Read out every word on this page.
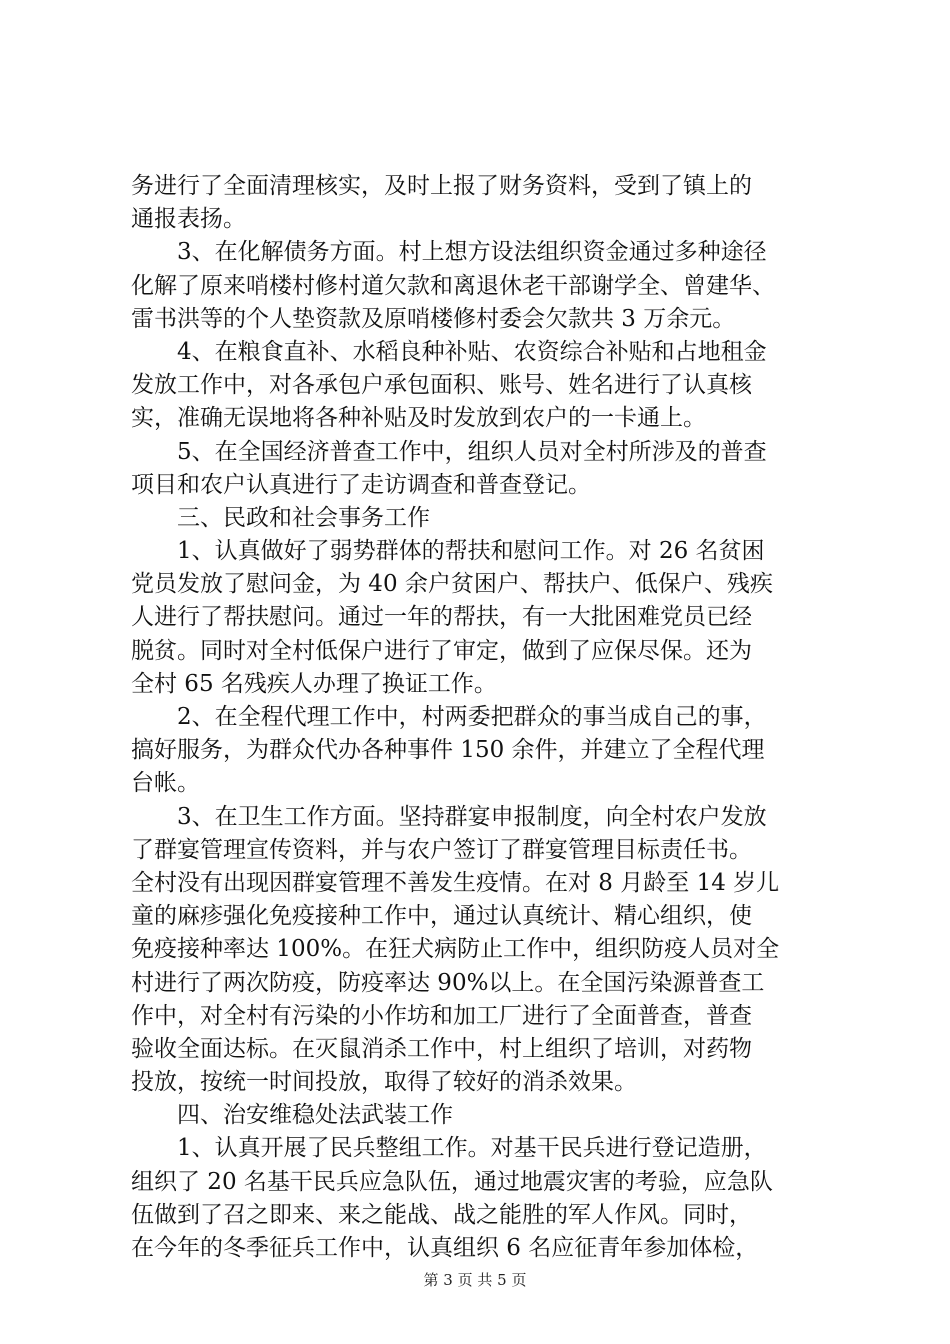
务进行了全面清理核实，及时上报了财务资料，受到了镇上的
通报表扬。
　　3、在化解债务方面。村上想方设法组织资金通过多种途径
化解了原来哨楼村修村道欠款和离退休老干部谢学全、曾建华、
雷书洪等的个人垫资款及原哨楼修村委会欠款共 3 万余元。
　　4、在粮食直补、水稻良种补贴、农资综合补贴和占地租金
发放工作中，对各承包户承包面积、账号、姓名进行了认真核
实，准确无误地将各种补贴及时发放到农户的一卡通上。
　　5、在全国经济普查工作中，组织人员对全村所涉及的普查
项目和农户认真进行了走访调查和普查登记。
　　三、民政和社会事务工作
　　1、认真做好了弱势群体的帮扶和慰问工作。对 26 名贫困
党员发放了慰问金，为 40 余户贫困户、帮扶户、低保户、残疾
人进行了帮扶慰问。通过一年的帮扶，有一大批困难党员已经
脱贫。同时对全村低保户进行了审定，做到了应保尽保。还为
全村 65 名残疾人办理了换证工作。
　　2、在全程代理工作中，村两委把群众的事当成自己的事，
搞好服务，为群众代办各种事件 150 余件，并建立了全程代理
台帐。
　　3、在卫生工作方面。坚持群宴申报制度，向全村农户发放
了群宴管理宣传资料，并与农户签订了群宴管理目标责任书。
全村没有出现因群宴管理不善发生疫情。在对 8 月龄至 14 岁儿
童的麻疹强化免疫接种工作中，通过认真统计、精心组织，使
免疫接种率达 100%。在狂犬病防止工作中，组织防疫人员对全
村进行了两次防疫，防疫率达 90%以上。在全国污染源普查工
作中，对全村有污染的小作坊和加工厂进行了全面普查，普查
验收全面达标。在灭鼠消杀工作中，村上组织了培训，对药物
投放，按统一时间投放，取得了较好的消杀效果。
　　四、治安维稳处法武装工作
　　1、认真开展了民兵整组工作。对基干民兵进行登记造册，
组织了 20 名基干民兵应急队伍，通过地震灾害的考验，应急队
伍做到了召之即来、来之能战、战之能胜的军人作风。同时，
在今年的冬季征兵工作中，认真组织 6 名应征青年参加体检，
第 3 页 共 5 页
